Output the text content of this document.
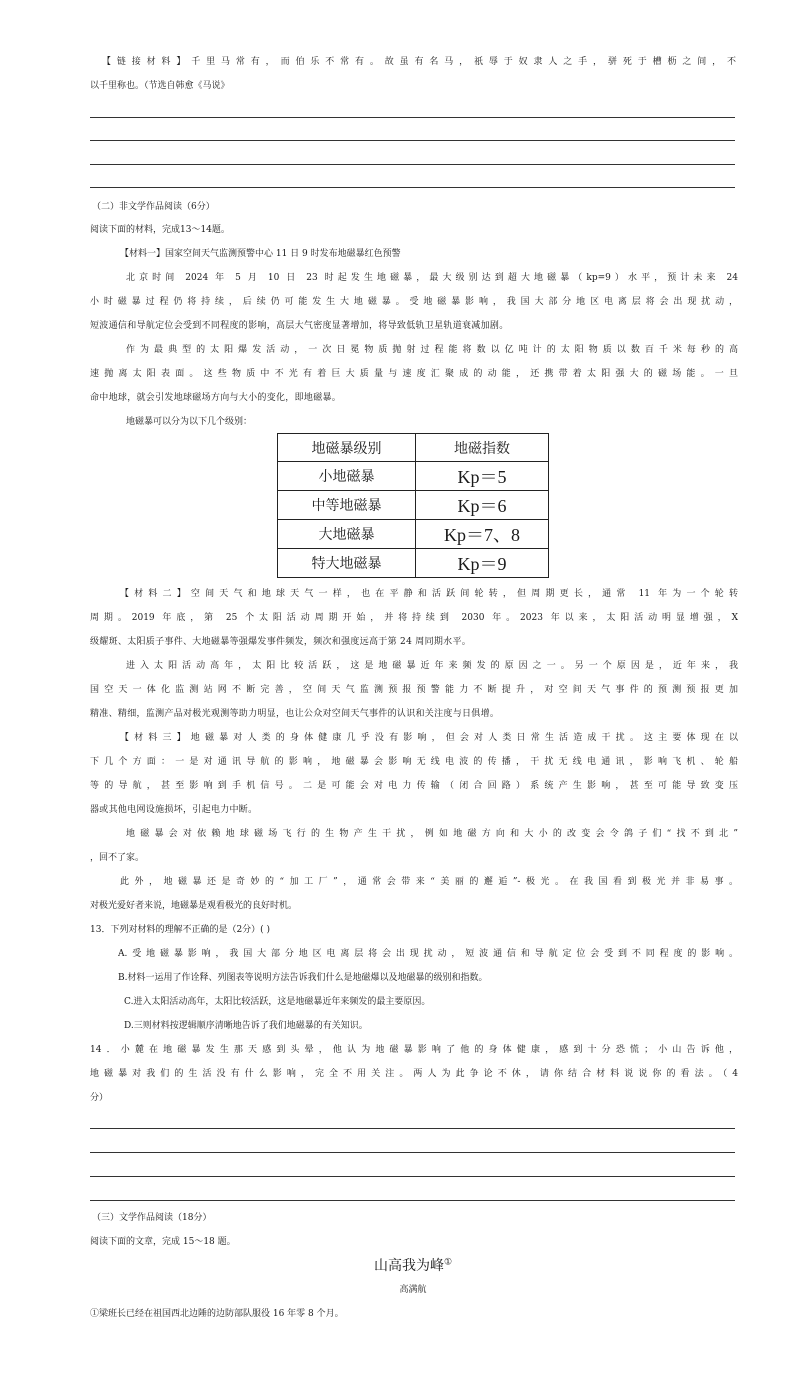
【链接材料】千里马常有，而伯乐不常有。故虽有名马，祇辱于奴隶人之手，骈死于槽枥之间，不
以千里称也。（节选自韩愈《马说》
（二）非文学作品阅读（6分）
阅读下面的材料，完成13～14题。
【材料一】国家空间天气监测预警中心 11 日 9 时发布地磁暴红色预警
北京时间 2024 年 5 月 10 日 23 时起发生地磁暴，最大级别达到超大地磁暴（kp=9）水平，预计未来 24
小时磁暴过程仍将持续，后续仍可能发生大地磁暴。受地磁暴影响，我国大部分地区电离层将会出现扰动，
短波通信和导航定位会受到不同程度的影响，高层大气密度显著增加，将导致低轨卫星轨道衰减加剧。
作为最典型的太阳爆发活动，一次日冕物质抛射过程能将数以亿吨计的太阳物质以数百千米每秒的高
速抛离太阳表面。这些物质中不光有着巨大质量与速度汇聚成的动能，还携带着太阳强大的磁场能。一旦
命中地球，就会引发地球磁场方向与大小的变化，即地磁暴。
地磁暴可以分为以下几个级别：
地磁暴级别	地磁指数
小地磁暴	Kp＝5
中等地磁暴	Kp＝6
大地磁暴	Kp＝7、8
特大地磁暴	Kp＝9
【材料二】空间天气和地球天气一样，也在平静和活跃间轮转，但周期更长，通常 11 年为一个轮转
周期。2019 年底，第 25 个太阳活动周期开始，并将持续到 2030 年。2023 年以来，太阳活动明显增强，X
级耀斑、太阳质子事件、大地磁暴等强爆发事件频发，频次和强度远高于第 24 周同期水平。
进入太阳活动高年，太阳比较活跃，这是地磁暴近年来频发的原因之一。另一个原因是，近年来，我
国空天一体化监测站网不断完善，空间天气监测预报预警能力不断提升，对空间天气事件的预测预报更加
精准、精细，监测产品对极光观测等助力明显，也让公众对空间天气事件的认识和关注度与日俱增。
【材料三】地磁暴对人类的身体健康几乎没有影响，但会对人类日常生活造成干扰。这主要体现在以
下几个方面：一是对通讯导航的影响，地磁暴会影响无线电波的传播，干扰无线电通讯，影响飞机、轮船
等的导航，甚至影响到手机信号。二是可能会对电力传输（闭合回路）系统产生影响，甚至可能导致变压
器或其他电网设施损坏，引起电力中断。
地磁暴会对依赖地球磁场飞行的生物产生干扰，例如地磁方向和大小的改变会令鸽子们“找不到北”
，回不了家。
此外，地磁暴还是奇妙的“加工厂”，通常会带来“美丽的邂逅”-极光。在我国看到极光并非易事。
对极光爱好者来说，地磁暴是观看极光的良好时机。
13．下列对材料的理解不正确的是（2分）( )
A.受地磁暴影响，我国大部分地区电离层将会出现扰动，短波通信和导航定位会受到不同程度的影响。
B.材料一运用了作诠释、列图表等说明方法告诉我们什么是地磁爆以及地磁暴的级别和指数。
C.进入太阳活动高年，太阳比较活跃，这是地磁暴近年来频发的最主要原因。
D.三则材料按逻辑顺序清晰地告诉了我们地磁暴的有关知识。
14．小麓在地磁暴发生那天感到头晕，他认为地磁暴影响了他的身体健康，感到十分恐慌；小山告诉他，
地磁暴对我们的生活没有什么影响，完全不用关注。两人为此争论不休，请你结合材料说说你的看法。（4
分）
（三）文学作品阅读（18分）
阅读下面的文章，完成 15～18 题。
山高我为峰①
高满航
①梁班长已经在祖国西北边陲的边防部队服役 16 年零 8 个月。
